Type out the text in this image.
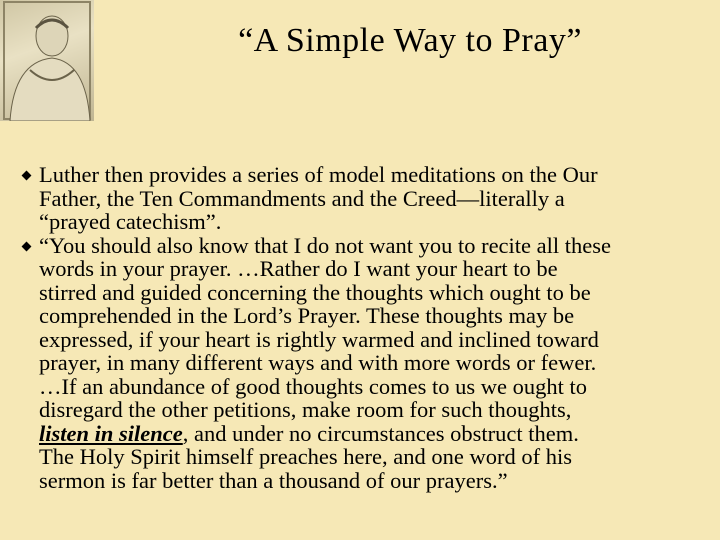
“A Simple Way to Pray”
Luther then provides a series of model meditations on the Our
Father, the Ten Commandments and the Creed—literally a
“prayed catechism”.
“You should also know that I do not want you to recite all these
words in your prayer. …Rather do I want your heart to be
stirred and guided concerning the thoughts which ought to be
comprehended in the Lord’s Prayer. These thoughts may be
expressed, if your heart is rightly warmed and inclined toward
prayer, in many different ways and with more words or fewer.
…If an abundance of good thoughts comes to us we ought to
disregard the other petitions, make room for such thoughts,
listen in silence, and under no circumstances obstruct them.
The Holy Spirit himself preaches here, and one word of his
sermon is far better than a thousand of our prayers.”
